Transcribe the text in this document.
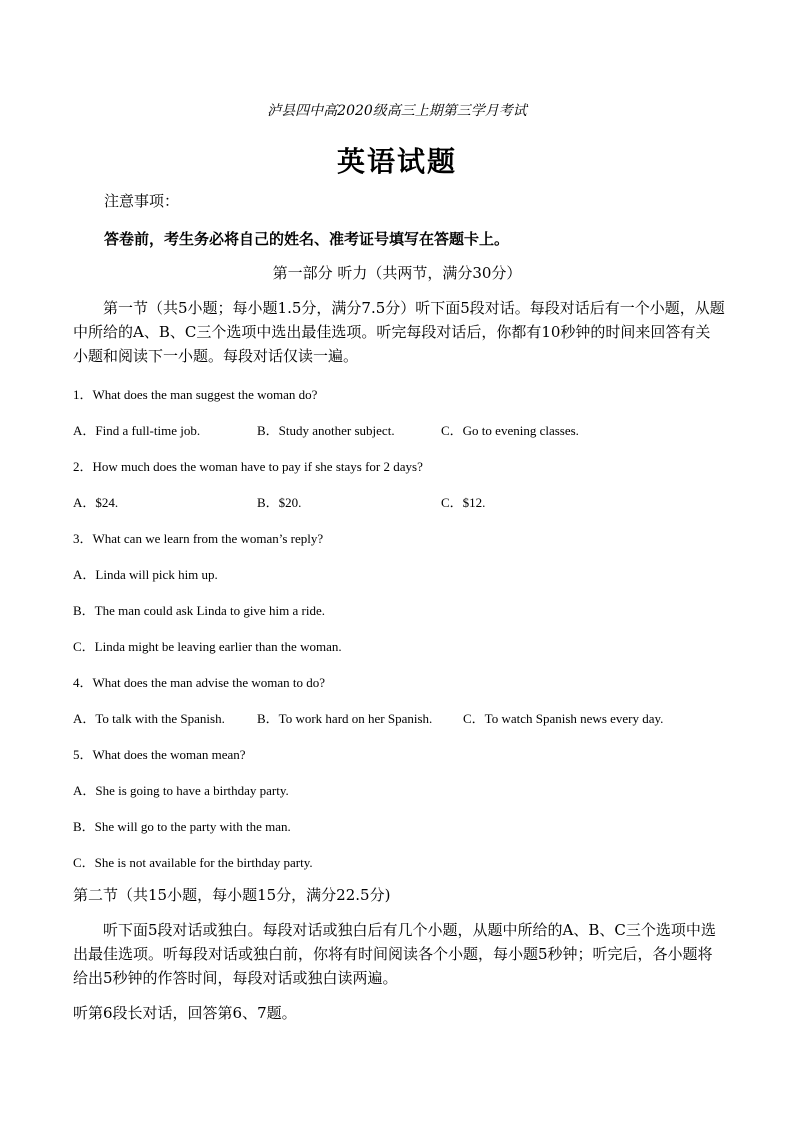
泸县四中高2020级高三上期第三学月考试
英语试题
注意事项：
答卷前，考生务必将自己的姓名、准考证号填写在答题卡上。
第一部分 听力（共两节，满分30分）
第一节（共5小题；每小题1.5分，满分7.5分）听下面5段对话。每段对话后有一个小题，从题中所给的A、B、C三个选项中选出最佳选项。听完每段对话后，你都有10秒钟的时间来回答有关小题和阅读下一小题。每段对话仅读一遍。
1．What does the man suggest the woman do?
A．Find a full-time job.	B．Study another subject.	C．Go to evening classes.
2．How much does the woman have to pay if she stays for 2 days?
A．$24.	B．$20.	C．$12.
3．What can we learn from the woman’s reply?
A．Linda will pick him up.
B．The man could ask Linda to give him a ride.
C．Linda might be leaving earlier than the woman.
4．What does the man advise the woman to do?
A．To talk with the Spanish. B．To work hard on her Spanish. C．To watch Spanish news every day.
5．What does the woman mean?
A．She is going to have a birthday party.
B．She will go to the party with the man.
C．She is not available for the birthday party.
第二节（共15小题，每小题15分，满分22.5分)
听下面5段对话或独白。每段对话或独白后有几个小题，从题中所给的A、B、C三个选项中选出最佳选项。听每段对话或独白前，你将有时间阅读各个小题，每小题5秒钟；听完后，各小题将给出5秒钟的作答时间，每段对话或独白读两遍。
听第6段长对话，回答第6、7题。
